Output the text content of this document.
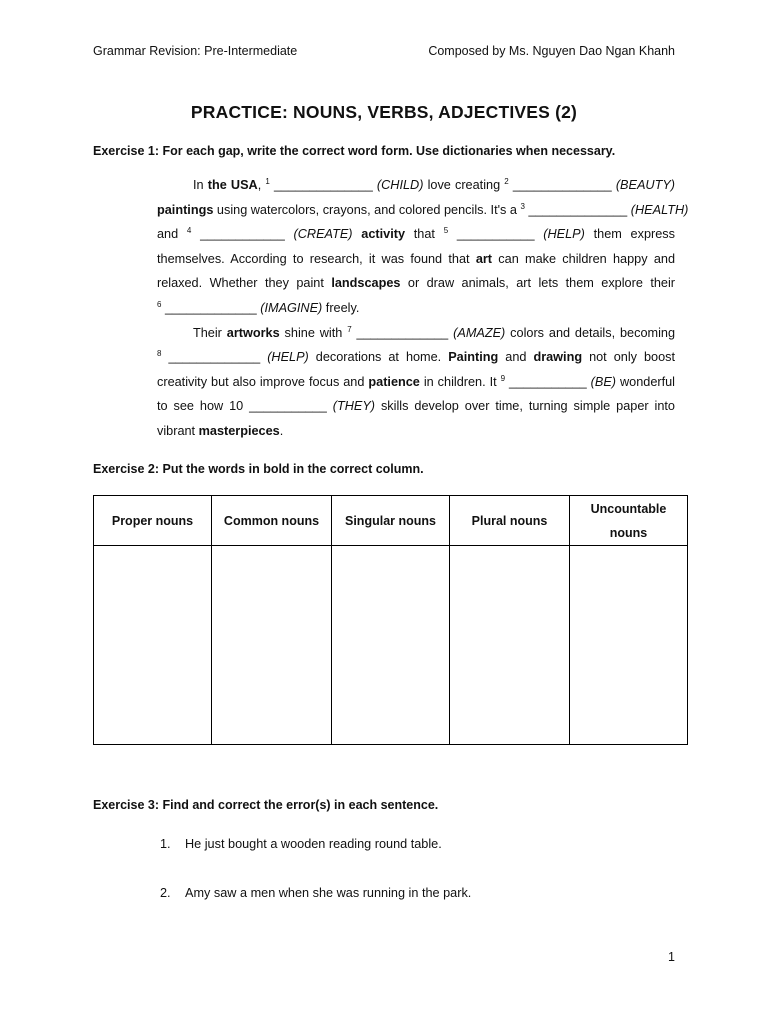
Grammar Revision: Pre-Intermediate	Composed by Ms. Nguyen Dao Ngan Khanh
PRACTICE: NOUNS, VERBS, ADJECTIVES (2)
Exercise 1: For each gap, write the correct word form. Use dictionaries when necessary.
In the USA, $^1$ ______________ (CHILD) love creating $^2$ ______________ (BEAUTY)
paintings using watercolors, crayons, and colored pencils. It's a $^3$ ______________ (HEALTH)
and $^4$ ____________ (CREATE) activity that $^5$ ___________ (HELP) them express
themselves. According to research, it was found that art can make children happy and
relaxed. Whether they paint landscapes or draw animals, art lets them explore their
$^6$ _____________ (IMAGINE) freely.
Their artworks shine with $^7$ _____________ (AMAZE) colors and details, becoming
$^8$ _____________ (HELP) decorations at home. Painting and drawing not only boost
creativity but also improve focus and patience in children. It $^9$ ___________ (BE) wonderful
to see how 10 ___________ (THEY) skills develop over time, turning simple paper into
vibrant masterpieces.
Exercise 2: Put the words in bold in the correct column.
Proper nouns	Common nouns	Singular nouns	Plural nouns	Uncountable nouns

Exercise 3: Find and correct the error(s) in each sentence.
1. He just bought a wooden reading round table.
2. Amy saw a men when she was running in the park.
1
